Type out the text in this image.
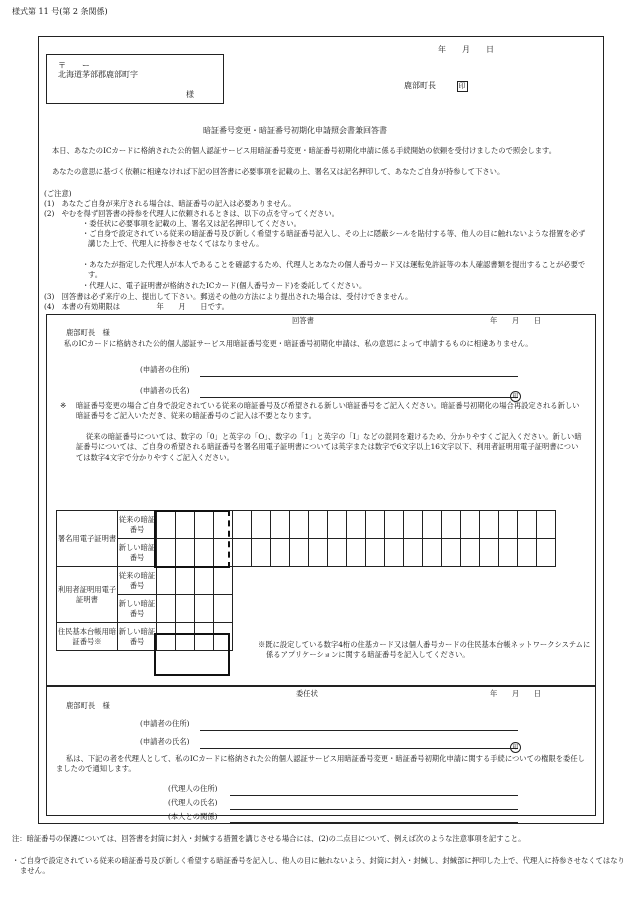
様式第 11 号(第 2 条関係)
年　　月　　日
〒　　ー
北海道茅部郡鹿部町字
様
鹿部町長	印
暗証番号変更・暗証番号初期化申請照会書兼回答書
本日、あなたのICカードに格納された公的個人認証サービス用暗証番号変更・暗証番号初期化申請に係る手続開始の依頼を受付けましたので照会します。
あなたの意思に基づく依頼に相違なければ下記の回答書に必要事項を記載の上、署名又は記名押印して、あなたご自身が持参して下さい。
(ご注意)
(1)　あなたご自身が来庁される場合は、暗証番号の記入は必要ありません。
(2)　やむを得ず回答書の持参を代理人に依頼されるときは、以下の点を守ってください。
・委任状に必要事項を記載の上、署名又は記名押印してください。
・ご自身で設定されている従来の暗証番号及び新しく希望する暗証番号記入し、その上に隠蔽シールを貼付する等、他人の目に触れないような措置を必ず講じた上で、代理人に持参させなくてはなりません。
・あなたが指定した代理人が本人であることを確認するため、代理人とあなたの個人番号カード又は運転免許証等の本人確認書類を提出することが必要です。
・代理人に、電子証明書が格納されたICカード(個人番号カード)を委託してください。
(3)　回答書は必ず来庁の上、提出して下さい。郵送その他の方法により提出された場合は、受付けできません。
(4)　本書の有効期限は　　　　　年　　月　　日です。
回答書	年　　月　　日
鹿部町長　様
私のICカードに格納された公的個人認証サービス用暗証番号変更・暗証番号初期化申請は、私の意思によって申請するものに相違ありません。
(申請者の住所)
(申請者の氏名)
印
※ 暗証番号変更の場合ご自身で設定されている従来の暗証番号及び希望される新しい暗証番号をご記入ください。暗証番号初期化の場合再設定される新しい暗証番号をご記入いただき、従来の暗証番号のご記入は不要となります。
従来の暗証番号については、数字の「0」と英字の「O」、数字の「1」と英字の「I」などの混同を避けるため、分かりやすくご記入ください。新しい暗証番号については、ご自身の希望される暗証番号を署名用電子証明書については英字または数字で6文字以上16文字以下、利用者証明用電子証明書については数字4文字で分かりやすくご記入ください。
署名用電子証明書	従来の暗証番号																					
	新しい暗証番号																					
利用者証明用電子証明書	従来の暗証番号																					
	新しい暗証番号																					
住民基本台帳用暗証番号※	新しい暗証番号																						※既に設定している数字4桁の住基カード又は個人番号カードの住民基本台帳ネットワークシステムに係るアプリケーションに関する暗証番号を記入してください。
委任状	年　　月　　日
鹿部町長　様
(申請者の住所)
(申請者の氏名)
印
私は、下記の者を代理人として、私のICカードに格納された公的個人認証サービス用暗証番号変更・暗証番号初期化申請に関する手続についての権限を委任しましたので通知します。
(代理人の住所)
(代理人の氏名)
(本人との関係)
注：暗証番号の保護については、回答書を封筒に封入・封緘する措置を講じさせる場合には、(2)の二点目について、例えば次のような注意事項を記すこと。
・ご自身で設定されている従来の暗証番号及び新しく希望する暗証番号を記入し、他人の目に触れないよう、封筒に封入・封緘し、封緘部に押印した上で、代理人に持参させなくてはなりません。
